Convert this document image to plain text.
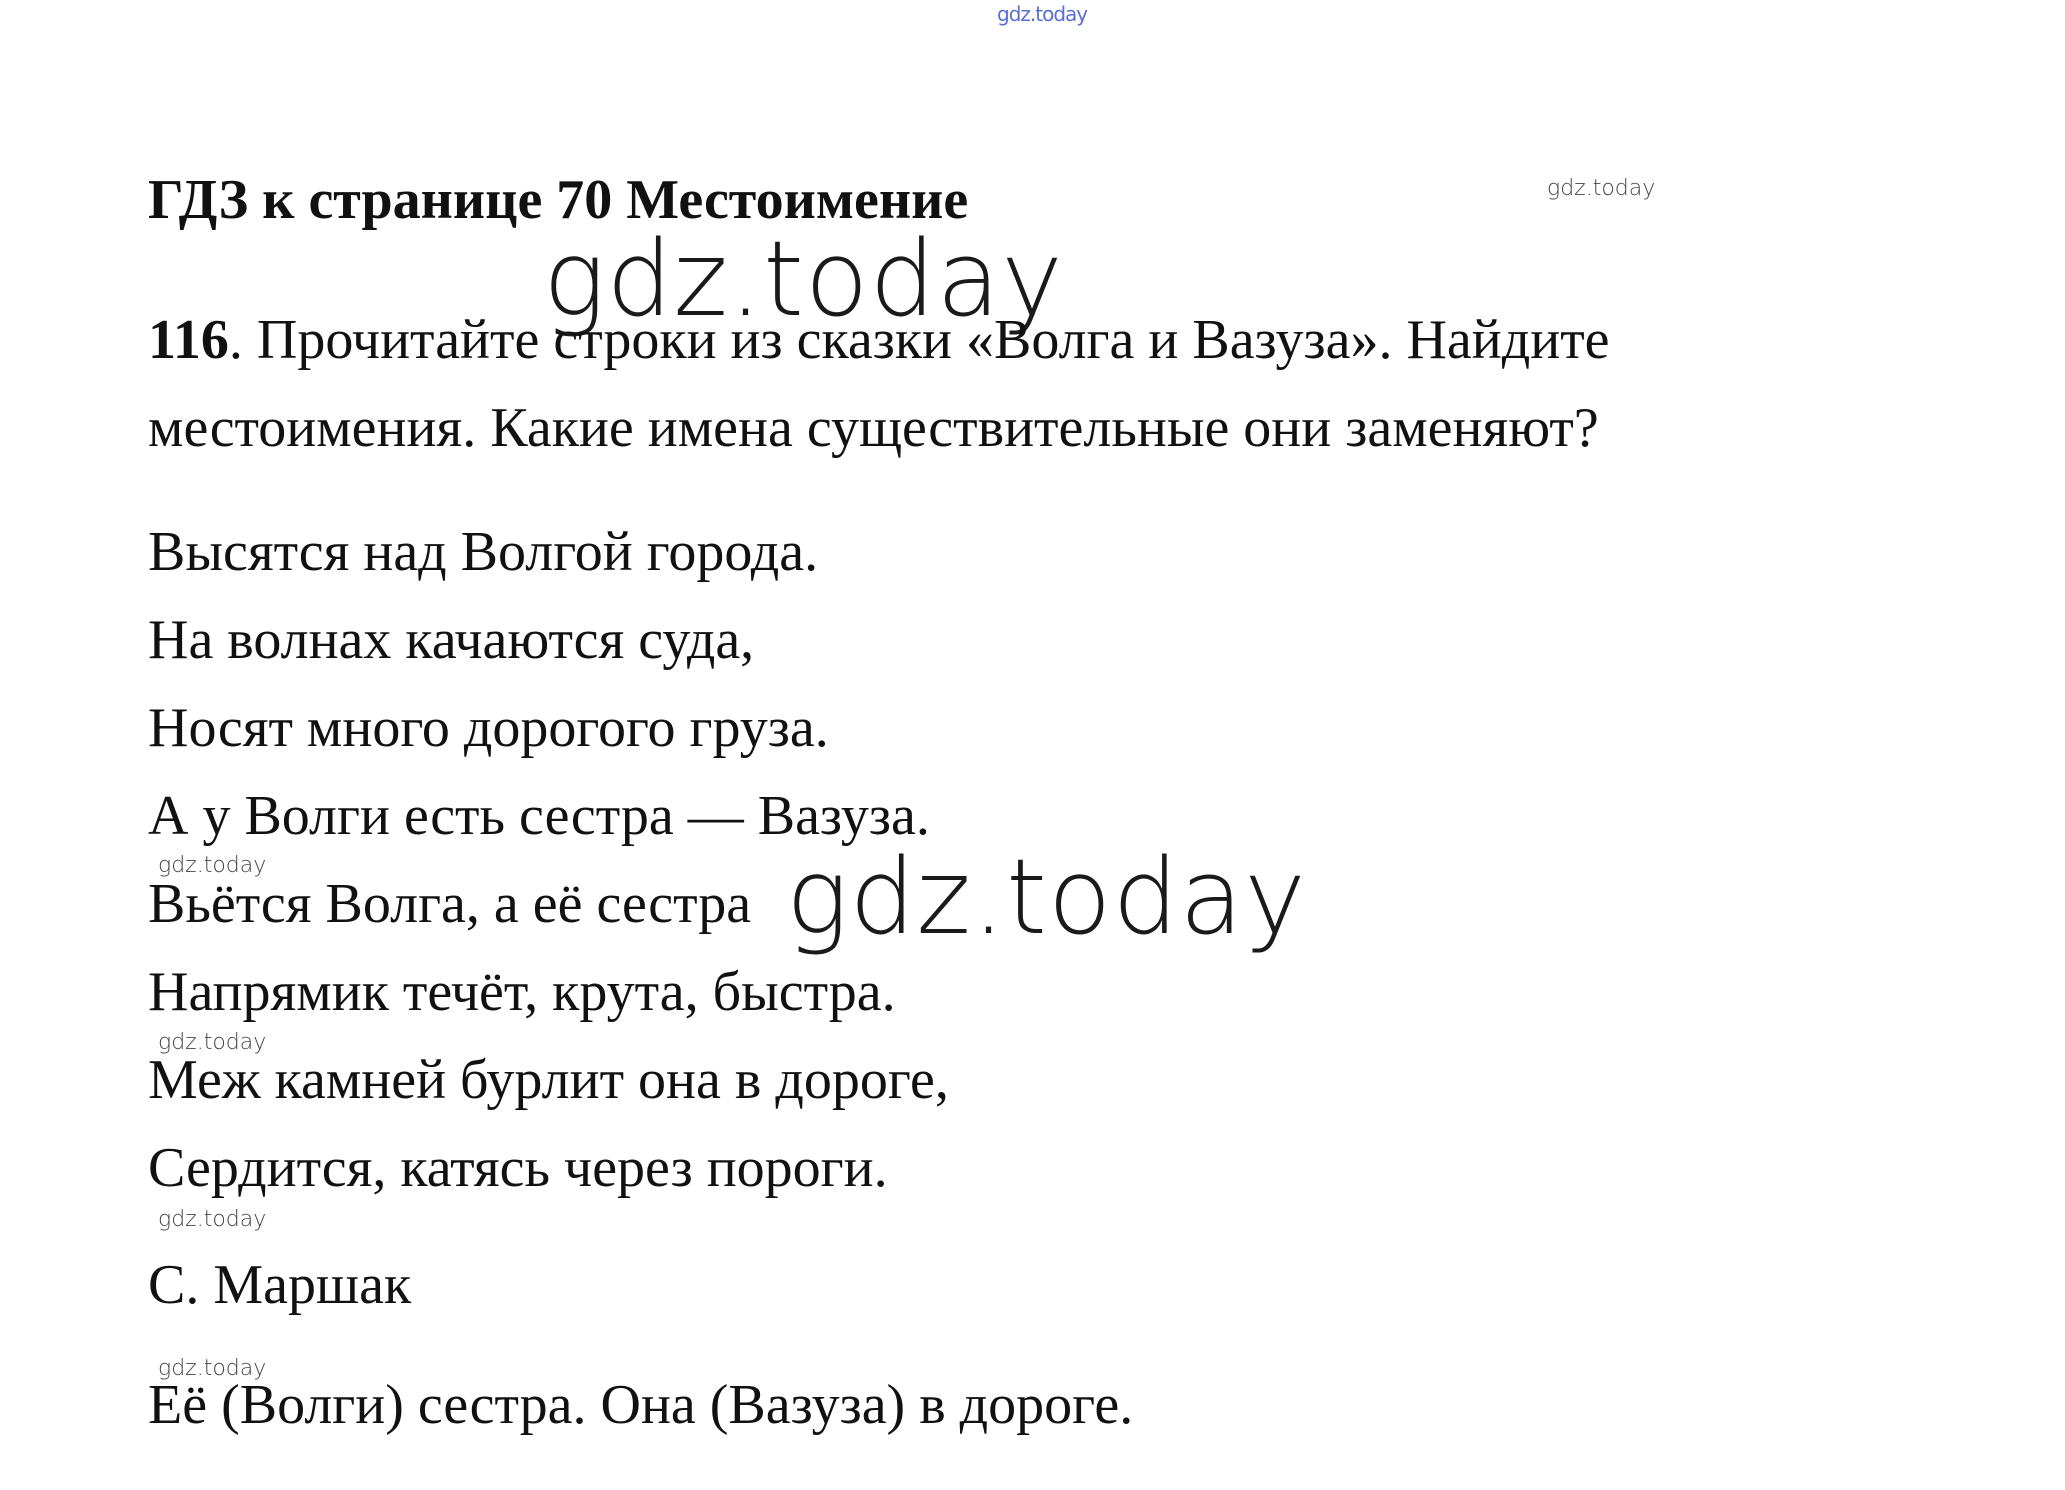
gdz.today
gdz.today
ГДЗ к странице 70 Местоимение
gdz.today
116. Прочитайте строки из сказки «Волга и Вазуза». Найдите
местоимения. Какие имена существительные они заменяют?
Высятся над Волгой города.
На волнах качаются суда,
Носят много дорогого груза.
А у Волги есть сестра — Вазуза.
gdz.today
Вьётся Волга, а её сестра gdz.today
Напрямик течёт, крута, быстра.
gdz.today
Меж камней бурлит она в дороге,
Сердится, катясь через пороги.
gdz.today
С. Маршак
gdz.today
Её (Волги) сестра. Она (Вазуза) в дороге.
